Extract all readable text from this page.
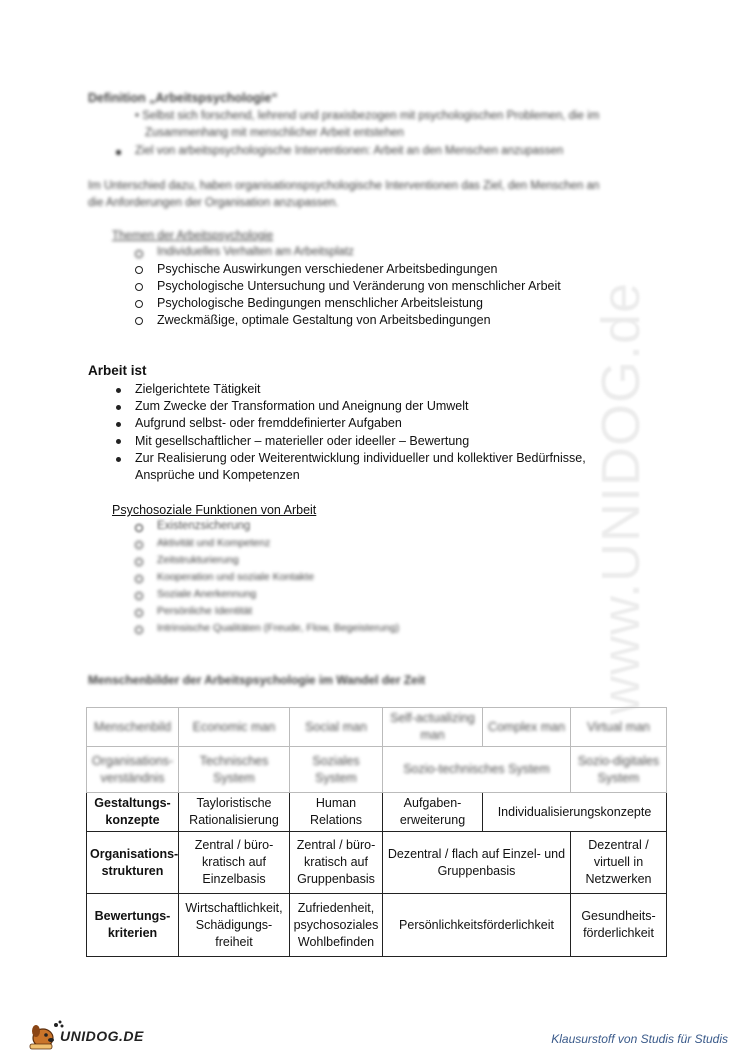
www.UNIDOG.de
Definition „Arbeitspsychologie“
• Selbst sich forschend, lehrend und praxisbezogen mit psychologischen Problemen, die im
Zusammenhang mit menschlicher Arbeit entstehen
Ziel von arbeitspsychologische Interventionen: Arbeit an den Menschen anzupassen
Im Unterschied dazu, haben organisationspsychologische Interventionen das Ziel, den Menschen an
die Anforderungen der Organisation anzupassen.
Themen der Arbeitspsychologie
Individuelles Verhalten am Arbeitsplatz
Psychische Auswirkungen verschiedener Arbeitsbedingungen
Psychologische Untersuchung und Veränderung von menschlicher Arbeit
Psychologische Bedingungen menschlicher Arbeitsleistung
Zweckmäßige, optimale Gestaltung von Arbeitsbedingungen
Arbeit ist
Zielgerichtete Tätigkeit
Zum Zwecke der Transformation und Aneignung der Umwelt
Aufgrund selbst- oder fremddefinierter Aufgaben
Mit gesellschaftlicher – materieller oder ideeller – Bewertung
Zur Realisierung oder Weiterentwicklung individueller und kollektiver Bedürfnisse,
Ansprüche und Kompetenzen
Psychosoziale Funktionen von Arbeit
Existenzsicherung
Aktivität und Kompetenz
Zeitstrukturierung
Kooperation und soziale Kontakte
Soziale Anerkennung
Persönliche Identität
Intrinsische Qualitäten (Freude, Flow, Begeisterung)
Menschenbilder der Arbeitspsychologie im Wandel der Zeit
Menschenbild	Economic man	Social man	Self-actualizing man	Complex man	Virtual man

Organisations-verständnis	Technisches System	Soziales System	Sozio-technisches System		Sozio-digitales System

Gestaltungs-konzepte	Tayloristische Rationalisierung	Human Relations	Aufgaben-erweiterung	Individualisierungskonzepte	
Organisations-strukturen	Zentral / büro-kratisch auf Einzelbasis	Zentral / büro-kratisch auf Gruppenbasis	Dezentral / flach auf Einzel- und Gruppenbasis		Dezentral / virtuell in Netzwerken
Bewertungs-kriterien	Wirtschaftlichkeit, Schädigungs-freiheit	Zufriedenheit, psychosoziales Wohlbefinden	Persönlichkeitsförderlichkeit		Gesundheits-förderlichkeit
UNIDOG.DE	Klausurstoff von Studis für Studis
